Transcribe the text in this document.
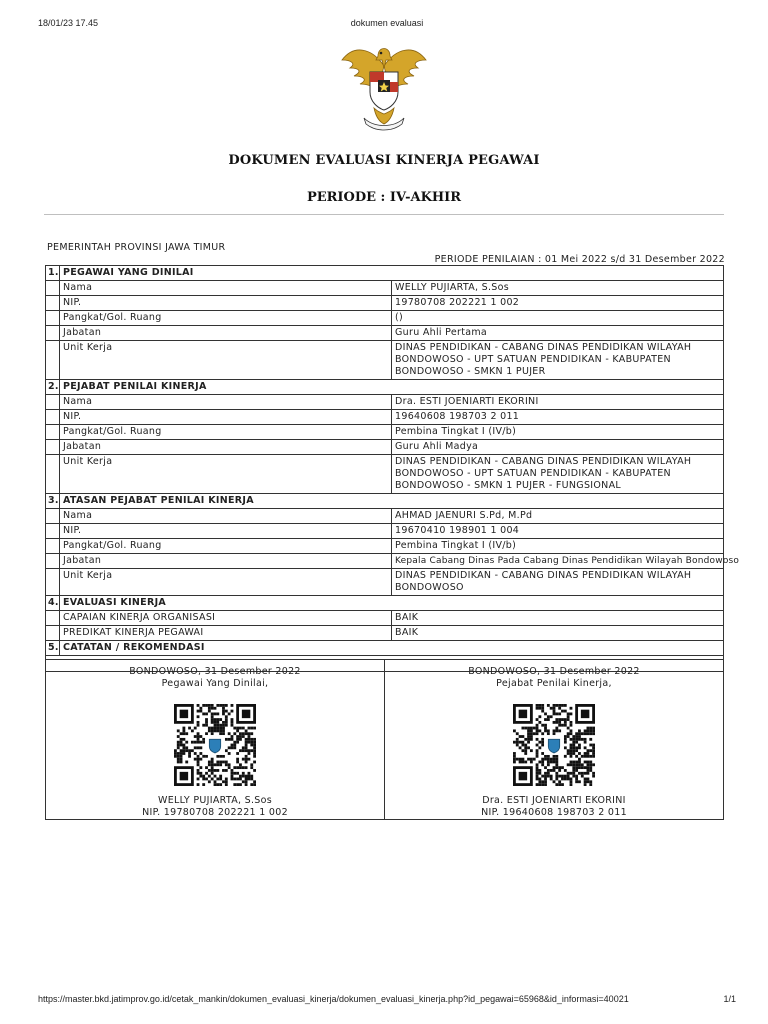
18/01/23 17.45	dokumen evaluasi
DOKUMEN EVALUASI KINERJA PEGAWAI
PERIODE : IV-AKHIR
PEMERINTAH PROVINSI JAWA TIMUR
PERIODE PENILAIAN : 01 Mei 2022 s/d 31 Desember 2022
1.	PEGAWAI YANG DINILAI	
	Nama	WELLY PUJIARTA, S.Sos
	NIP.	19780708 202221 1 002
	Pangkat/Gol. Ruang	()
	Jabatan	Guru Ahli Pertama
	Unit Kerja	DINAS PENDIDIKAN - CABANG DINAS PENDIDIKAN WILAYAH BONDOWOSO - UPT SATUAN PENDIDIKAN - KABUPATEN BONDOWOSO - SMKN 1 PUJER
2.	PEJABAT PENILAI KINERJA	
	Nama	Dra. ESTI JOENIARTI EKORINI
	NIP.	19640608 198703 2 011
	Pangkat/Gol. Ruang	Pembina Tingkat I (IV/b)
	Jabatan	Guru Ahli Madya
	Unit Kerja	DINAS PENDIDIKAN - CABANG DINAS PENDIDIKAN WILAYAH BONDOWOSO - UPT SATUAN PENDIDIKAN - KABUPATEN BONDOWOSO - SMKN 1 PUJER - FUNGSIONAL
3.	ATASAN PEJABAT PENILAI KINERJA	
	Nama	AHMAD JAENURI S.Pd, M.Pd
	NIP.	19670410 198901 1 004
	Pangkat/Gol. Ruang	Pembina Tingkat I (IV/b)
	Jabatan	Kepala Cabang Dinas Pada Cabang Dinas Pendidikan Wilayah Bondowoso
	Unit Kerja	DINAS PENDIDIKAN - CABANG DINAS PENDIDIKAN WILAYAH BONDOWOSO
4.	EVALUASI KINERJA	
	CAPAIAN KINERJA ORGANISASI	BAIK
	PREDIKAT KINERJA PEGAWAI	BAIK
5.	CATATAN / REKOMENDASI	

BONDOWOSO, 31 Desember 2022
Pegawai Yang Dinilai,
WELLY PUJIARTA, S.Sos
NIP. 19780708 202221 1 002

BONDOWOSO, 31 Desember 2022
Pejabat Penilai Kinerja,
Dra. ESTI JOENIARTI EKORINI
NIP. 19640608 198703 2 011
https://master.bkd.jatimprov.go.id/cetak_mankin/dokumen_evaluasi_kinerja/dokumen_evaluasi_kinerja.php?id_pegawai=65968&id_informasi=40021	1/1
